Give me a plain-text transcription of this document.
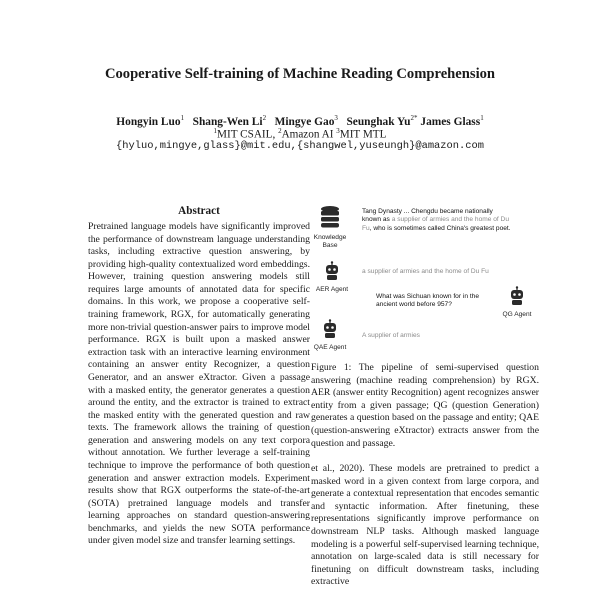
Cooperative Self-training of Machine Reading Comprehension
Hongyin Luo$^1$ Shang-Wen Li$^2$ Mingye Gao$^3$ Seunghak $Yu^{2*}$ James Glass$^1$
$^1$MIT CSAIL, $^2$Amazon AI $^3$MIT MTL
{hyluo,mingye,glass}@mit.edu,{shangwel,yuseungh}@amazon.com
Abstract
Pretrained language models have significantly improved the performance of downstream language understanding tasks, including extractive question answering, by providing high-quality contextualized word embeddings. However, training question answering models still requires large amounts of annotated data for specific domains. In this work, we propose a cooperative self-training framework, RGX, for automatically generating more non-trivial question-answer pairs to improve model performance. RGX is built upon a masked answer extraction task with an interactive learning environment containing an answer entity Recognizer, a question Generator, and an answer eXtractor. Given a passage with a masked entity, the generator generates a question around the entity, and the extractor is trained to extract the masked entity with the generated question and raw texts. The framework allows the training of question generation and answering models on any text corpora without annotation. We further leverage a self-training technique to improve the performance of both question generation and answer extraction models. Experiment results show that RGX outperforms the state-of-the-art (SOTA) pretrained language models and transfer learning approaches on standard question-answering benchmarks, and yields the new SOTA performance under given model size and transfer learning settings.
Knowledge Base
Tang Dynasty ... Chengdu became nationally known as a supplier of armies and the home of Du Fu, who is sometimes called China's greatest poet.
AER Agent
a supplier of armies and the home of Du Fu
What was Sichuan known for in the ancient world before 957?
QG Agent
QAE Agent
A supplier of armies
Figure 1: The pipeline of semi-supervised question answering (machine reading comprehension) by RGX. AER (answer entity Recognition) agent recognizes answer entity from a given passage; QG (question Generation) generates a question based on the passage and entity; QAE (question-answering eXtractor) extracts answer from the question and passage.
et al., 2020). These models are pretrained to predict a masked word in a given context from large corpora, and generate a contextual representation that encodes semantic and syntactic information. After finetuning, these representations significantly improve performance on downstream NLP tasks. Although masked language modeling is a powerful self-supervised learning technique, annotation on large-scaled data is still necessary for finetuning on difficult downstream tasks, including extractive
